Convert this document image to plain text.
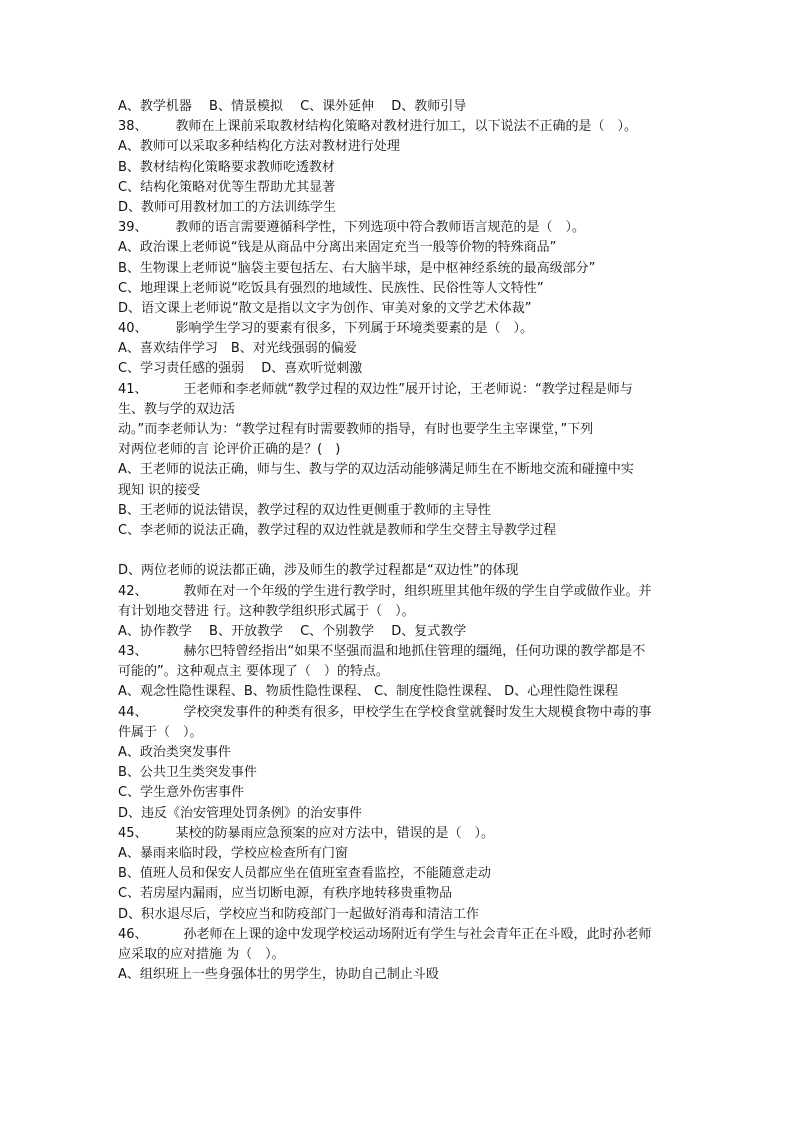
A、教学机器　 B、情景模拟　 C、课外延伸　 D、教师引导
38、 教师在上课前采取教材结构化策略对教材进行加工，以下说法不正确的是（　）。
A、教师可以采取多种结构化方法对教材进行处理
B、教材结构化策略要求教师吃透教材
C、结构化策略对优等生帮助尤其显著
D、教师可用教材加工的方法训练学生
39、 教师的语言需要遵循科学性，下列选项中符合教师语言规范的是（　）。
A、政治课上老师说“钱是从商品中分离出来固定充当一般等价物的特殊商品”
B、生物课上老师说“脑袋主要包括左、右大脑半球，是中枢神经系统的最高级部分”
C、地理课上老师说“吃饭具有强烈的地域性、民族性、民俗性等人文特性”
D、语文课上老师说“散文是指以文字为创作、审美对象的文学艺术体裁”
40、 影响学生学习的要素有很多，下列属于环境类要素的是（　）。
A、喜欢结伴学习　B、对光线强弱的偏爱
C、学习责任感的强弱　 D、喜欢听觉刺激
41、	王老师和李老师就“教学过程的双边性”展开讨论，王老师说：“教学过程是师与
生、教与学的双边活
动。”而李老师认为：“教学过程有时需要教师的指导，有时也要学生主宰课堂，”下列
对两位老师的言 论评价正确的是？(　)
A、王老师的说法正确，师与生、教与学的双边活动能够满足师生在不断地交流和碰撞中实
现知 识的接受
B、王老师的说法错误，教学过程的双边性更侧重于教师的主导性
C、李老师的说法正确，教学过程的双边性就是教师和学生交替主导教学过程
D、两位老师的说法都正确，涉及师生的教学过程都是“双边性”的体现
42、	教师在对一个年级的学生进行教学时，组织班里其他年级的学生自学或做作业。并
有计划地交替进 行。这种教学组织形式属于（　）。
A、协作教学　 B、开放教学　 C、个别教学　 D、复式教学
43、	赫尔巴特曾经指出“如果不坚强而温和地抓住管理的缰绳，任何功课的教学都是不
可能的”。这种观点主 要体现了（　）的特点。
A、观念性隐性课程、B、物质性隐性课程、 C、制度性隐性课程、 D、心理性隐性课程
44、	学校突发事件的种类有很多，甲校学生在学校食堂就餐时发生大规模食物中毒的事
件属于（　）。
A、政治类突发事件
B、公共卫生类突发事件
C、学生意外伤害事件
D、违反《治安管理处罚条例》的治安事件
45、 某校的防暴雨应急预案的应对方法中，错误的是（　）。
A、暴雨来临时段，学校应检查所有门窗
B、值班人员和保安人员都应坐在值班室查看监控，不能随意走动
C、若房屋内漏雨，应当切断电源，有秩序地转移贵重物品
D、积水退尽后，学校应当和防疫部门一起做好消毒和清洁工作
46、	孙老师在上课的途中发现学校运动场附近有学生与社会青年正在斗殴，此时孙老师
应采取的应对措施 为（　）。
A、组织班上一些身强体壮的男学生，协助自己制止斗殴
